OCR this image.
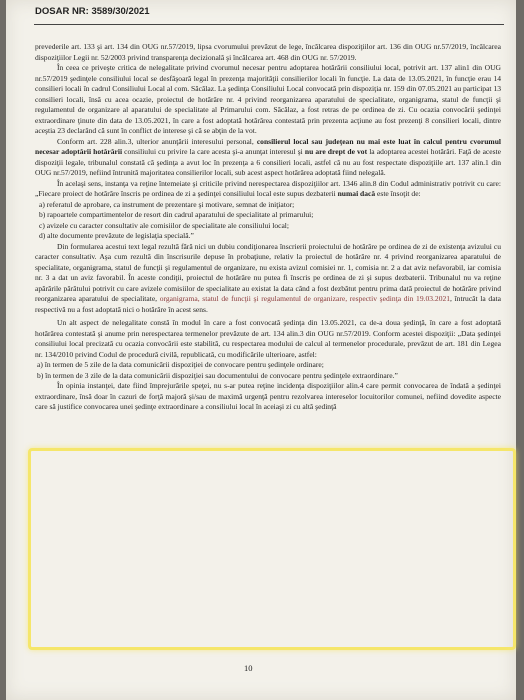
DOSAR NR: 3589/30/2021

prevederile art. 133 şi art. 134 din OUG nr.57/2019, lipsa cvorumului prevăzut de lege, încălcarea dispoziţiilor art. 136 din OUG nr.57/2019, încălcarea dispoziţiilor Legii nr. 52/2003 privind transparenţa decizională şi încălcarea art. 468 din OUG nr. 57/2019.

În ceea ce priveşte critica de nelegalitate privind cvorumul necesar pentru adoptarea hotărârii consiliului local, potrivit art. 137 alin1 din OUG nr.57/2019 şedinţele consiliului local se desfăşoară legal în prezenţa majorităţii consilierilor locali în funcţie. La data de 13.05.2021, în funcţie erau 14 consilieri locali în cadrul Consiliului Local al com. Săcălaz. La şedinţa Consiliului Local convocată prin dispoziţia nr. 159 din 07.05.2021 au participat 13 consilieri locali, însă cu acea ocazie, proiectul de hotărâre nr. 4 privind reorganizarea aparatului de specialitate, organigrama, statul de funcţii şi regulamentul de organizare al aparatului de specialitate al Primarului com. Săcălaz, a fost retras de pe ordinea de zi. Cu ocazia convocării şedinţei extraordinare ţinute din data de 13.05.2021, în care a fost adoptată hotărârea contestată prin prezenta acţiune au fost prezenţi 8 consilieri locali, dintre aceştia 23 declarând că sunt în conflict de interese şi că se abţin de la vot.

Conform art. 228 alin.3, ulterior anunţării interesului personal, consilierul local sau judeţean nu mai este luat în calcul pentru cvorumul necesar adoptării hotărârii consiliului cu privire la care acesta şi-a anunţat interesul şi nu are drept de vot la adoptarea acestei hotărâri. Faţă de aceste dispoziţii legale, tribunalul constată că şedinţa a avut loc în prezenţa a 6 consilieri locali, astfel că nu au fost respectate dispoziţiile art. 137 alin.1 din OUG nr.57/2019, nefiind întrunită majoritatea consilierilor locali, sub acest aspect hotărârea adoptată fiind nelegală.

În acelaşi sens, instanţa va reţine întemeiate şi criticile privind nerespectarea dispoziţiilor art. 1346 alin.8 din Codul administrativ potrivit cu care: „Fiecare proiect de hotărâre înscris pe ordinea de zi a şedinţei consiliului local este supus dezbaterii numai dacă este însoţit de:

a) referatul de aprobare, ca instrument de prezentare şi motivare, semnat de iniţiator;

b) rapoartele compartimentelor de resort din cadrul aparatului de specialitate al primarului;

c) avizele cu caracter consultativ ale comisiilor de specialitate ale consiliului local;

d) alte documente prevăzute de legislaţia specială.”

Din formularea acestui text legal rezultă fără nici un dubiu condiţionarea înscrierii proiectului de hotărâre pe ordinea de zi de existenţa avizului cu caracter consultativ. Aşa cum rezultă din înscrisurile depuse în probaţiune, relativ la proiectul de hotărâre nr. 4 privind reorganizarea aparatului de specialitate, organigrama, statul de funcţii şi regulamentul de organizare, nu exista avizul comisiei nr. 1, comisia nr. 2 a dat aviz nefavorabil, iar comisia nr. 3 a dat un aviz favorabil. În aceste condiţii, proiectul de hotărâre nu putea fi înscris pe ordinea de zi şi supus dezbaterii. Tribunalul nu va reţine apărările pârâtului potrivit cu care avizele comisiilor de specialitate au existat la data când a fost dezbătut pentru prima dată proiectul de hotărâre privind reorganizarea aparatului de specialitate, organigrama, statul de funcţii şi regulamentul de organizare, respectiv şedinţa din 19.03.2021, întrucât la data respectivă nu a fost adoptată nici o hotărâre în acest sens.

Un alt aspect de nelegalitate constă în modul în care a fost convocată şedinţa din 13.05.2021, ca de-a doua şedinţă, în care a fost adoptată hotărârea contestată şi anume prin nerespectarea termenelor prevăzute de art. 134 alin.3 din OUG nr.57/2019. Conform acestei dispoziţii: „Data şedinţei consiliului local precizată cu ocazia convocării este stabilită, cu respectarea modului de calcul al termenelor procedurale, prevăzut de art. 181 din Legea nr. 134/2010 privind Codul de procedură civilă, republicată, cu modificările ulterioare, astfel:

a) în termen de 5 zile de la data comunicării dispoziţiei de convocare pentru şedinţele ordinare;

b) în termen de 3 zile de la data comunicării dispoziţiei sau documentului de convocare pentru şedinţele extraordinare.”

În opinia instanţei, date fiind împrejurările speţei, nu s-ar putea reţine incidenţa dispoziţiilor alin.4 care permit convocarea de îndată a şedinţei extraordinare, însă doar în cazuri de forţă majoră şi/sau de maximă urgenţă pentru rezolvarea intereselor locuitorilor comunei, nefiind dovedite aspecte care să justifice convocarea unei şedinţe extraordinare a consiliului local în aceiaşi zi cu altă şedinţă

10
